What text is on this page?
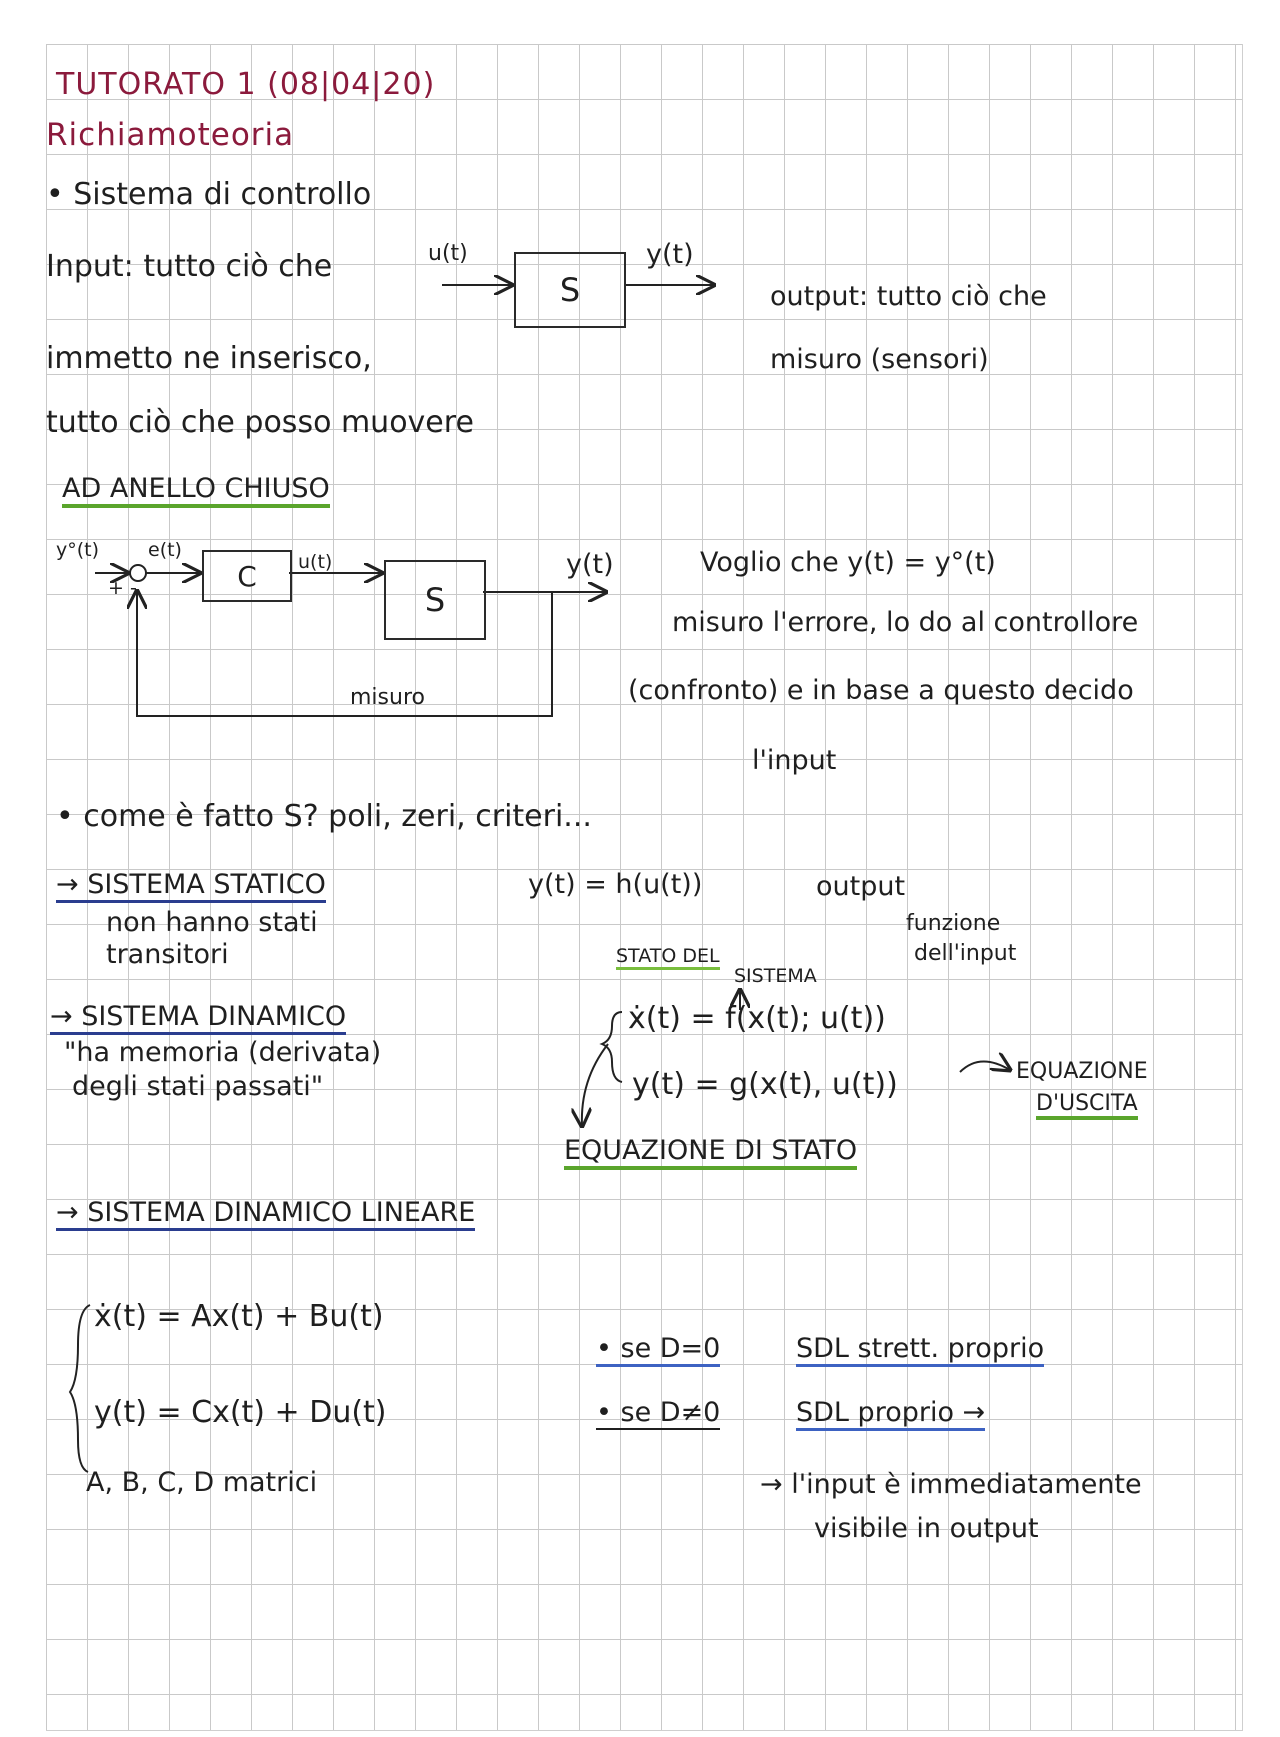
TUTORATO 1 (08|04|20)
Richiamoteoria
• Sistema di controllo
Input: tutto ciò che
immetto ne inserisco,
tutto ciò che posso muovere
u(t)
S
y(t)
output: tutto ciò che
misuro (sensori)
AD ANELLO CHIUSO
y°(t)	e(t)
+ -	C	u(t)
S
y(t)
misuro
Voglio che y(t) = y°(t)
misuro l'errore, lo do al controllore
(confronto) e in base a questo decido
l'input
• come è fatto S? poli, zeri, criteri...
→ SISTEMA STATICO
non hanno stati
transitori
y(t) = h(u(t))	output
funzione
dell'input
→ SISTEMA DINAMICO
"ha memoria (derivata)
degli stati passati"
STATO DEL
SISTEMA
ẋ(t) = f(x(t); u(t))
y(t) = g(x(t), u(t))	EQUAZIONE
D'USCITA
EQUAZIONE DI STATO
→ SISTEMA DINAMICO LINEARE
ẋ(t) = Ax(t) + Bu(t)
y(t) = Cx(t) + Du(t)
A, B, C, D matrici
• se D=0	SDL strett. proprio
• se D≠0	SDL proprio →
→ l'input è immediatamente
visibile in output
